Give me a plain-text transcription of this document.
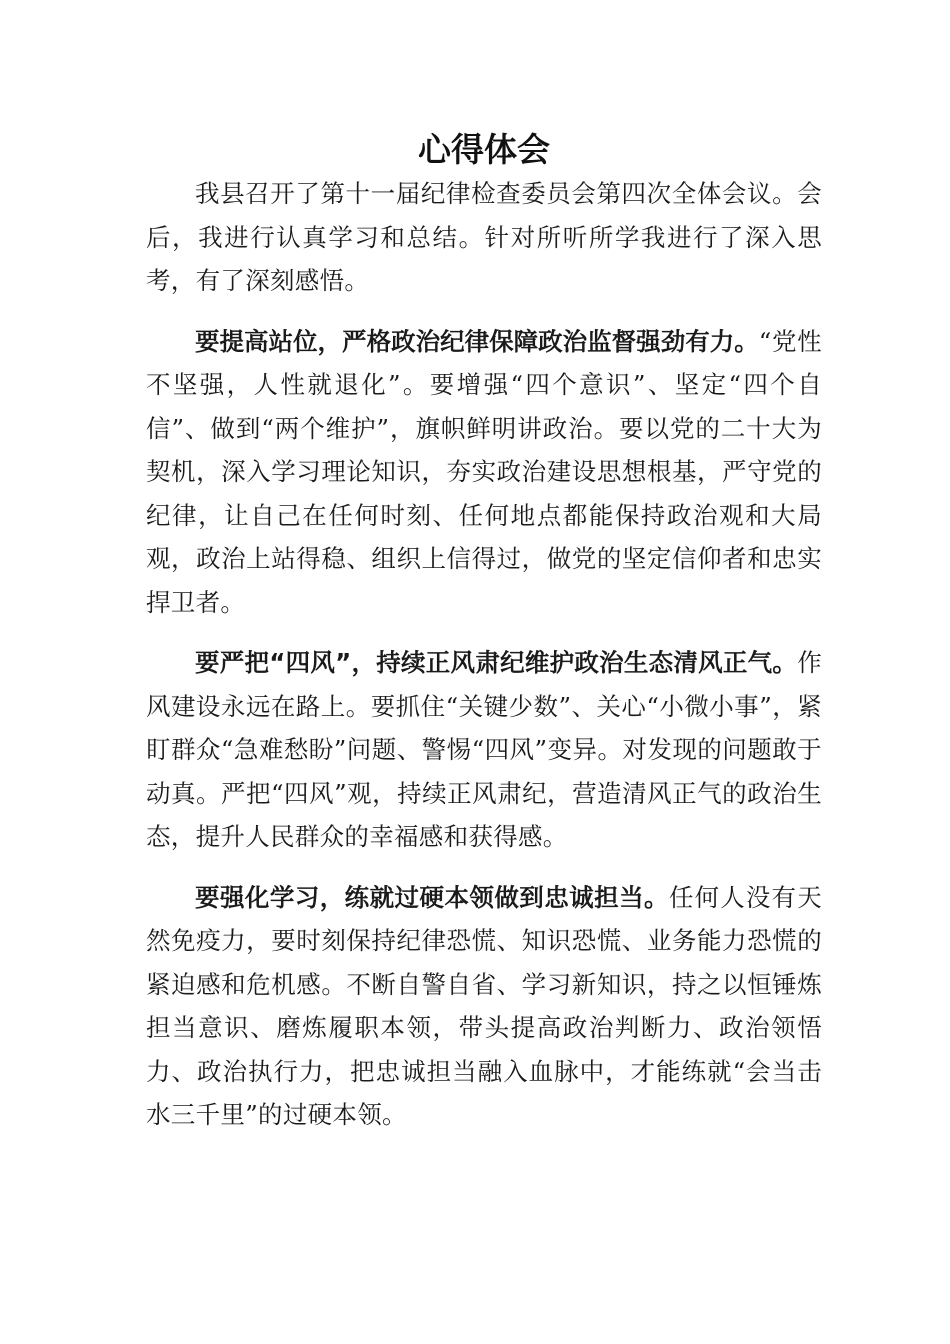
心得体会

我县召开了第十一届纪律检查委员会第四次全体会议。会后，我进行认真学习和总结。针对所听所学我进行了深入思考，有了深刻感悟。

要提高站位，严格政治纪律保障政治监督强劲有力。“党性不坚强，人性就退化”。要增强“四个意识”、坚定“四个自信”、做到“两个维护”，旗帜鲜明讲政治。要以党的二十大为契机，深入学习理论知识，夯实政治建设思想根基，严守党的纪律，让自己在任何时刻、任何地点都能保持政治观和大局观，政治上站得稳、组织上信得过，做党的坚定信仰者和忠实捍卫者。

要严把“四风”，持续正风肃纪维护政治生态清风正气。作风建设永远在路上。要抓住“关键少数”、关心“小微小事”，紧盯群众“急难愁盼”问题、警惕“四风”变异。对发现的问题敢于动真。严把“四风”观，持续正风肃纪，营造清风正气的政治生态，提升人民群众的幸福感和获得感。

要强化学习，练就过硬本领做到忠诚担当。任何人没有天然免疫力，要时刻保持纪律恐慌、知识恐慌、业务能力恐慌的紧迫感和危机感。不断自警自省、学习新知识，持之以恒锤炼担当意识、磨炼履职本领，带头提高政治判断力、政治领悟力、政治执行力，把忠诚担当融入血脉中，才能练就“会当击水三千里”的过硬本领。
